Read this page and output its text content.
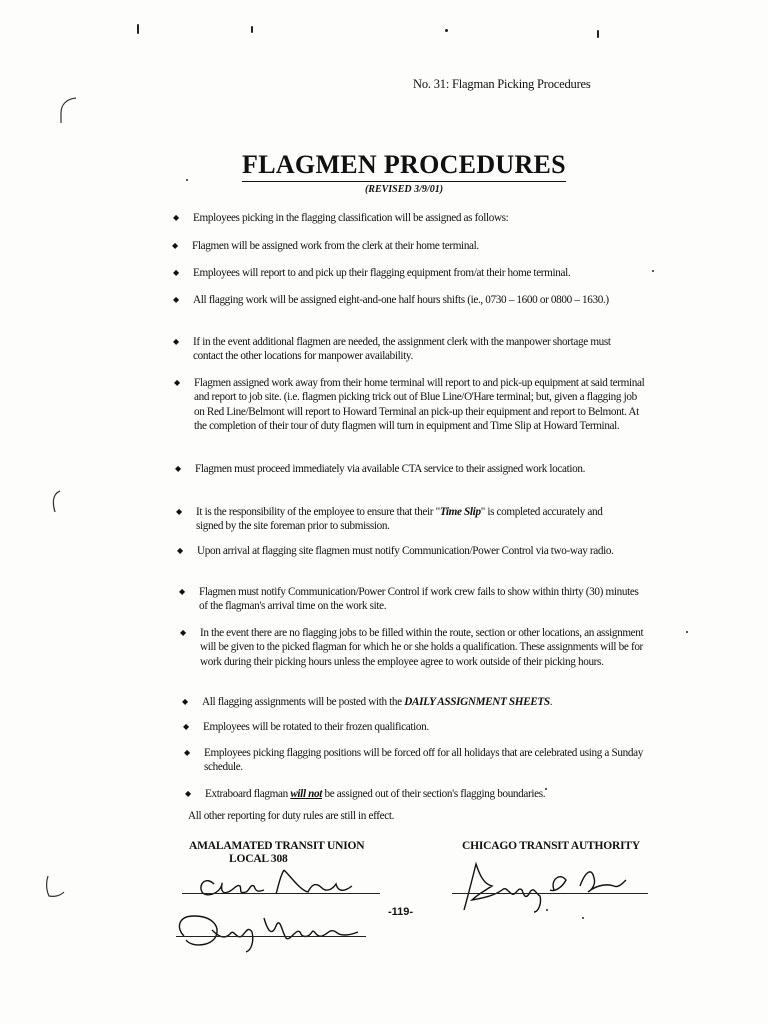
No. 31: Flagman Picking Procedures
FLAGMEN PROCEDURES
(REVISED 3/9/01)
◆ Employees picking in the flagging classification will be assigned as follows:
◆ Flagmen will be assigned work from the clerk at their home terminal.
◆ Employees will report to and pick up their flagging equipment from/at their home terminal.
◆ All flagging work will be assigned eight-and-one half hours shifts (ie., 0730 – 1600 or 0800 – 1630.)
◆ If in the event additional flagmen are needed, the assignment clerk with the manpower shortage must contact the other locations for manpower availability.
◆ Flagmen assigned work away from their home terminal will report to and pick-up equipment at said terminal and report to job site. (i.e. flagmen picking trick out of Blue Line/O'Hare terminal; but, given a flagging job on Red Line/Belmont will report to Howard Terminal an pick-up their equipment and report to Belmont. At the completion of their tour of duty flagmen will turn in equipment and Time Slip at Howard Terminal.
◆ Flagmen must proceed immediately via available CTA service to their assigned work location.
◆ It is the responsibility of the employee to ensure that their "Time Slip" is completed accurately and signed by the site foreman prior to submission.
◆ Upon arrival at flagging site flagmen must notify Communication/Power Control via two-way radio.
◆ Flagmen must notify Communication/Power Control if work crew fails to show within thirty (30) minutes of the flagman's arrival time on the work site.
◆ In the event there are no flagging jobs to be filled within the route, section or other locations, an assignment will be given to the picked flagman for which he or she holds a qualification. These assignments will be for work during their picking hours unless the employee agree to work outside of their picking hours.
◆ All flagging assignments will be posted with the DAILY ASSIGNMENT SHEETS.
◆ Employees will be rotated to their frozen qualification.
◆ Employees picking flagging positions will be forced off for all holidays that are celebrated using a Sunday schedule.
◆ Extraboard flagman will not be assigned out of their section's flagging boundaries.
All other reporting for duty rules are still in effect.
AMALAMATED TRANSIT UNION
LOCAL 308
-119-
CHICAGO TRANSIT AUTHORITY
